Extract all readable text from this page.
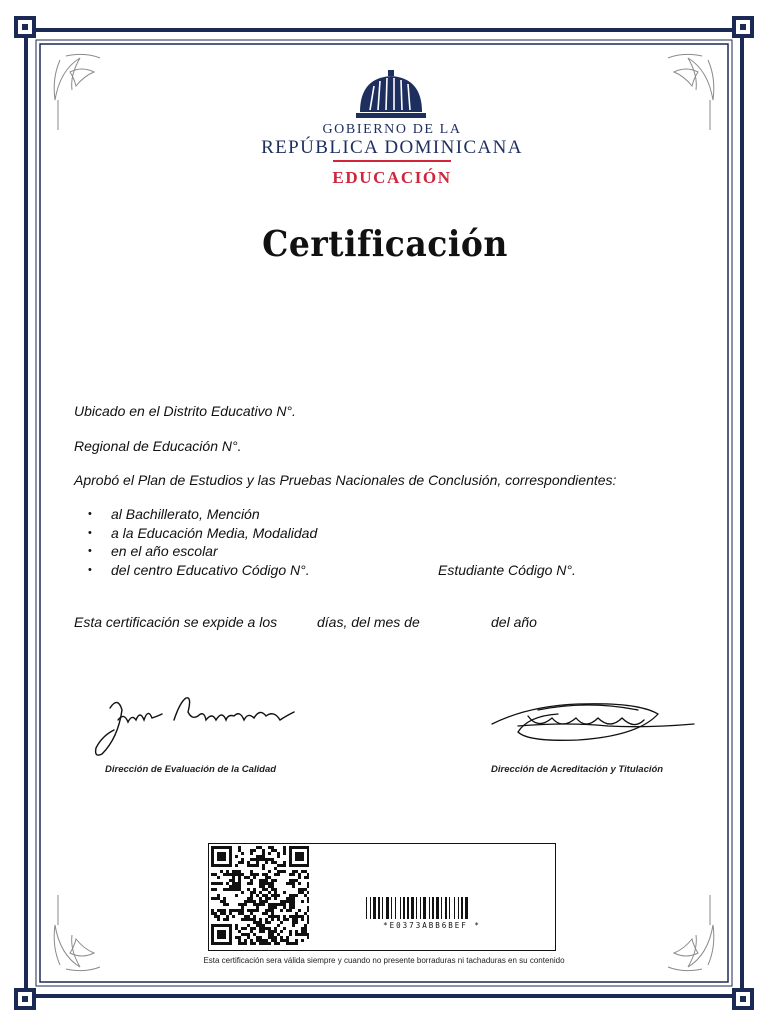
GOBIERNO DE LA
REPÚBLICA DOMINICANA
EDUCACIÓN
Certificación
Ubicado en el Distrito Educativo N°.
Regional de Educación N°.
Aprobó el Plan de Estudios y las Pruebas Nacionales de Conclusión, correspondientes:
• al Bachillerato, Mención
• a la Educación Media, Modalidad
• en el año escolar
• del centro Educativo Código N°.	Estudiante Código N°.
Esta certificación se expide a los	días, del mes de	del año
Dirección de Evaluación de la Calidad	Dirección de Acreditación y Titulación
*E0373ABB6BEF *
Esta certificación sera válida siempre y cuando no presente borraduras ni tachaduras en su contenido
